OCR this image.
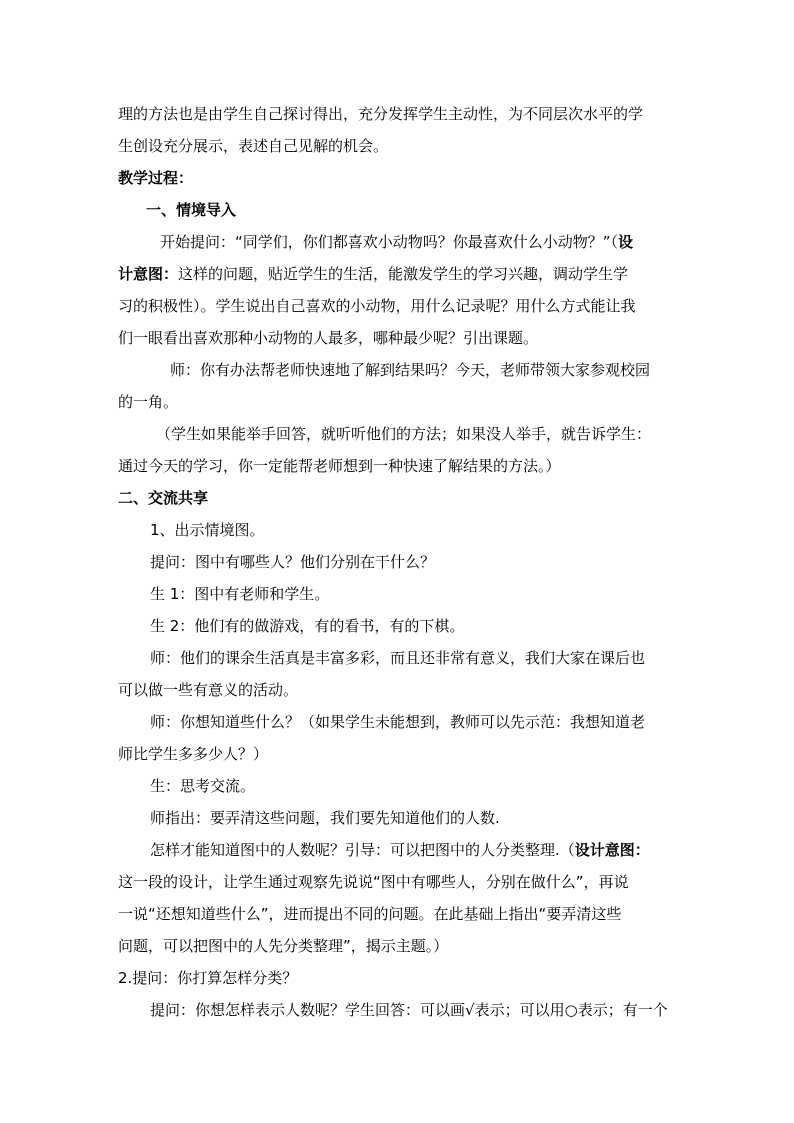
理的方法也是由学生自己探讨得出，充分发挥学生主动性，为不同层次水平的学
生创设充分展示，表述自己见解的机会。
教学过程：
一、情境导入
开始提问：“同学们，你们都喜欢小动物吗？你最喜欢什么小动物？”（设
计意图：这样的问题，贴近学生的生活，能激发学生的学习兴趣，调动学生学
习的积极性）。学生说出自己喜欢的小动物，用什么记录呢？用什么方式能让我
们一眼看出喜欢那种小动物的人最多，哪种最少呢？引出课题。
师：你有办法帮老师快速地了解到结果吗？今天，老师带领大家参观校园
的一角。
（学生如果能举手回答，就听听他们的方法；如果没人举手，就告诉学生：
通过今天的学习，你一定能帮老师想到一种快速了解结果的方法。）
二、交流共享
1、出示情境图。
提问：图中有哪些人？他们分别在干什么？
生 1：图中有老师和学生。
生 2：他们有的做游戏，有的看书，有的下棋。
师：他们的课余生活真是丰富多彩，而且还非常有意义，我们大家在课后也
可以做一些有意义的活动。
师：你想知道些什么？（如果学生未能想到，教师可以先示范：我想知道老
师比学生多多少人？）
生：思考交流。
师指出：要弄清这些问题，我们要先知道他们的人数.
怎样才能知道图中的人数呢？引导：可以把图中的人分类整理.（设计意图：
这一段的设计，让学生通过观察先说说“图中有哪些人，分别在做什么”，再说
一说“还想知道些什么”，进而提出不同的问题。在此基础上指出“要弄清这些
问题，可以把图中的人先分类整理”，揭示主题。）
2.提问：你打算怎样分类？
提问：你想怎样表示人数呢？学生回答：可以画√表示；可以用○表示；有一个
